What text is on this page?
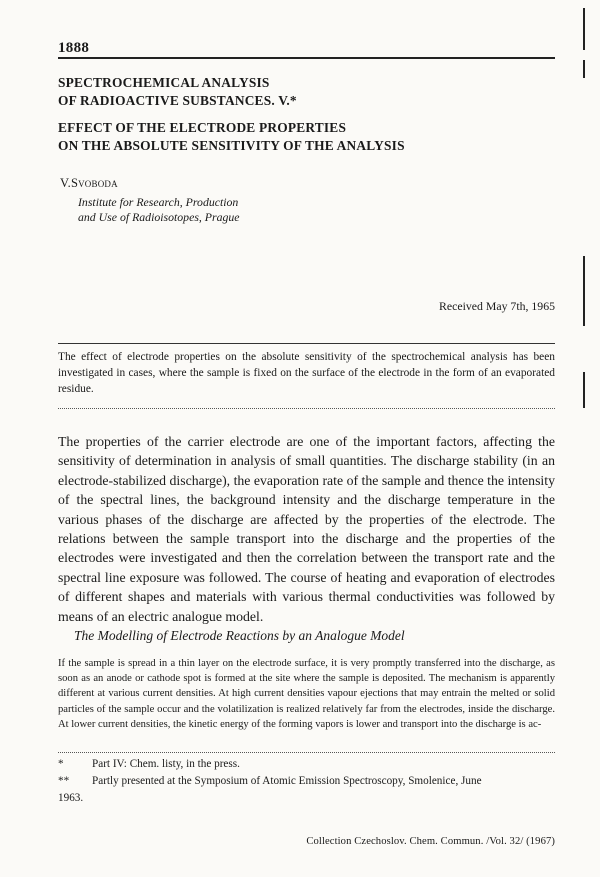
1888
SPECTROCHEMICAL ANALYSIS
OF RADIOACTIVE SUBSTANCES. V.*
EFFECT OF THE ELECTRODE PROPERTIES
ON THE ABSOLUTE SENSITIVITY OF THE ANALYSIS
V.Svoboda
Institute for Research, Production
and Use of Radioisotopes, Prague
Received May 7th, 1965
The effect of electrode properties on the absolute sensitivity of the spectrochemical analysis has been investigated in cases, where the sample is fixed on the surface of the electrode in the form of an evaporated residue.
The properties of the carrier electrode are one of the important factors, affecting the sensitivity of determination in analysis of small quantities. The discharge stability (in an electrode-stabilized discharge), the evaporation rate of the sample and thence the intensity of the spectral lines, the background intensity and the discharge temperature in the various phases of the discharge are affected by the properties of the electrode. The relations between the sample transport into the discharge and the properties of the electrodes were investigated and then the correlation between the transport rate and the spectral line exposure was followed. The course of heating and evaporation of electrodes of different shapes and materials with various thermal conductivities was followed by means of an electric analogue model.
The Modelling of Electrode Reactions by an Analogue Model
If the sample is spread in a thin layer on the electrode surface, it is very promptly transferred into the discharge, as soon as an anode or cathode spot is formed at the site where the sample is deposited. The mechanism is apparently different at various current densities. At high current densities vapour ejections that may entrain the melted or solid particles of the sample occur and the volatilization is realized relatively far from the electrodes, inside the discharge. At lower current densities, the kinetic energy of the forming vapors is lower and transport into the discharge is ac-
*	Part IV: Chem. listy, in the press.
**	Partly presented at the Symposium of Atomic Emission Spectroscopy, Smolenice, June
1963.
Collection Czechoslov. Chem. Commun. /Vol. 32/ (1967)
